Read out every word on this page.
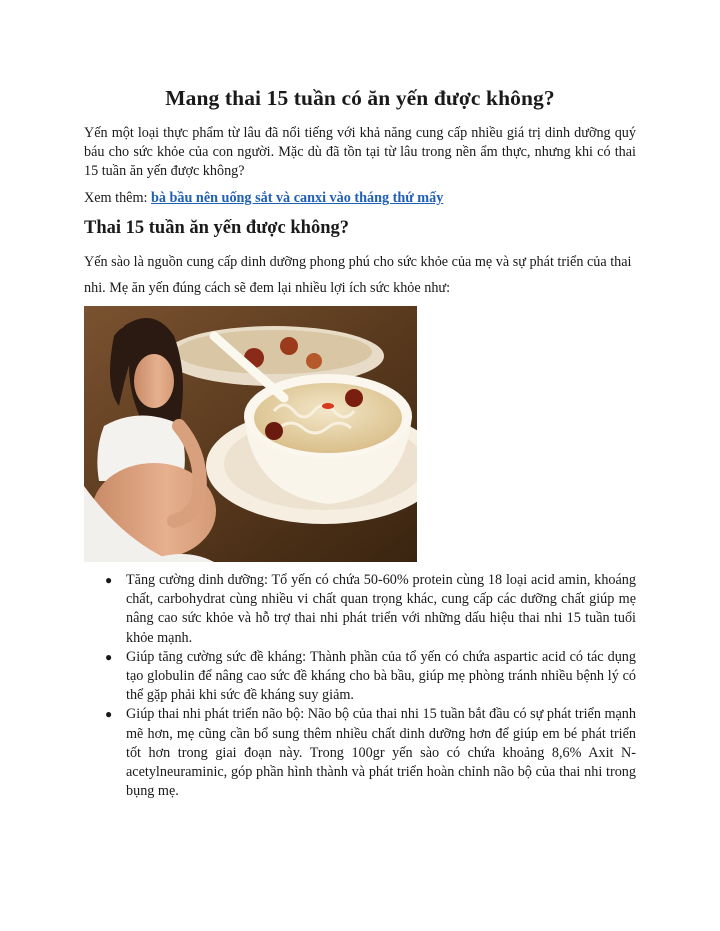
Mang thai 15 tuần có ăn yến được không?

Yến một loại thực phẩm từ lâu đã nổi tiếng với khả năng cung cấp nhiều giá trị dinh dưỡng quý báu cho sức khỏe của con người. Mặc dù đã tồn tại từ lâu trong nền ẩm thực, nhưng khi có thai 15 tuần ăn yến được không?

Xem thêm: bà bầu nên uống sắt và canxi vào tháng thứ mấy

Thai 15 tuần ăn yến được không?

Yến sào là nguồn cung cấp dinh dưỡng phong phú cho sức khỏe của mẹ và sự phát triển của thai nhi. Mẹ ăn yến đúng cách sẽ đem lại nhiều lợi ích sức khỏe như:

● Tăng cường dinh dưỡng: Tổ yến có chứa 50-60% protein cùng 18 loại acid amin, khoáng chất, carbohydrat cùng nhiều vi chất quan trọng khác, cung cấp các dưỡng chất giúp mẹ nâng cao sức khỏe và hỗ trợ thai nhi phát triển với những dấu hiệu thai nhi 15 tuần tuổi khỏe mạnh.
● Giúp tăng cường sức đề kháng: Thành phần của tổ yến có chứa aspartic acid có tác dụng tạo globulin để nâng cao sức đề kháng cho bà bầu, giúp mẹ phòng tránh nhiều bệnh lý có thể gặp phải khi sức đề kháng suy giảm.
● Giúp thai nhi phát triển não bộ: Não bộ của thai nhi 15 tuần bắt đầu có sự phát triển mạnh mẽ hơn, mẹ cũng cần bổ sung thêm nhiều chất dinh dưỡng hơn để giúp em bé phát triển tốt hơn trong giai đoạn này. Trong 100gr yến sào có chứa khoảng 8,6% Axit N-acetylneuraminic, góp phần hình thành và phát triển hoàn chỉnh não bộ của thai nhi trong bụng mẹ.
